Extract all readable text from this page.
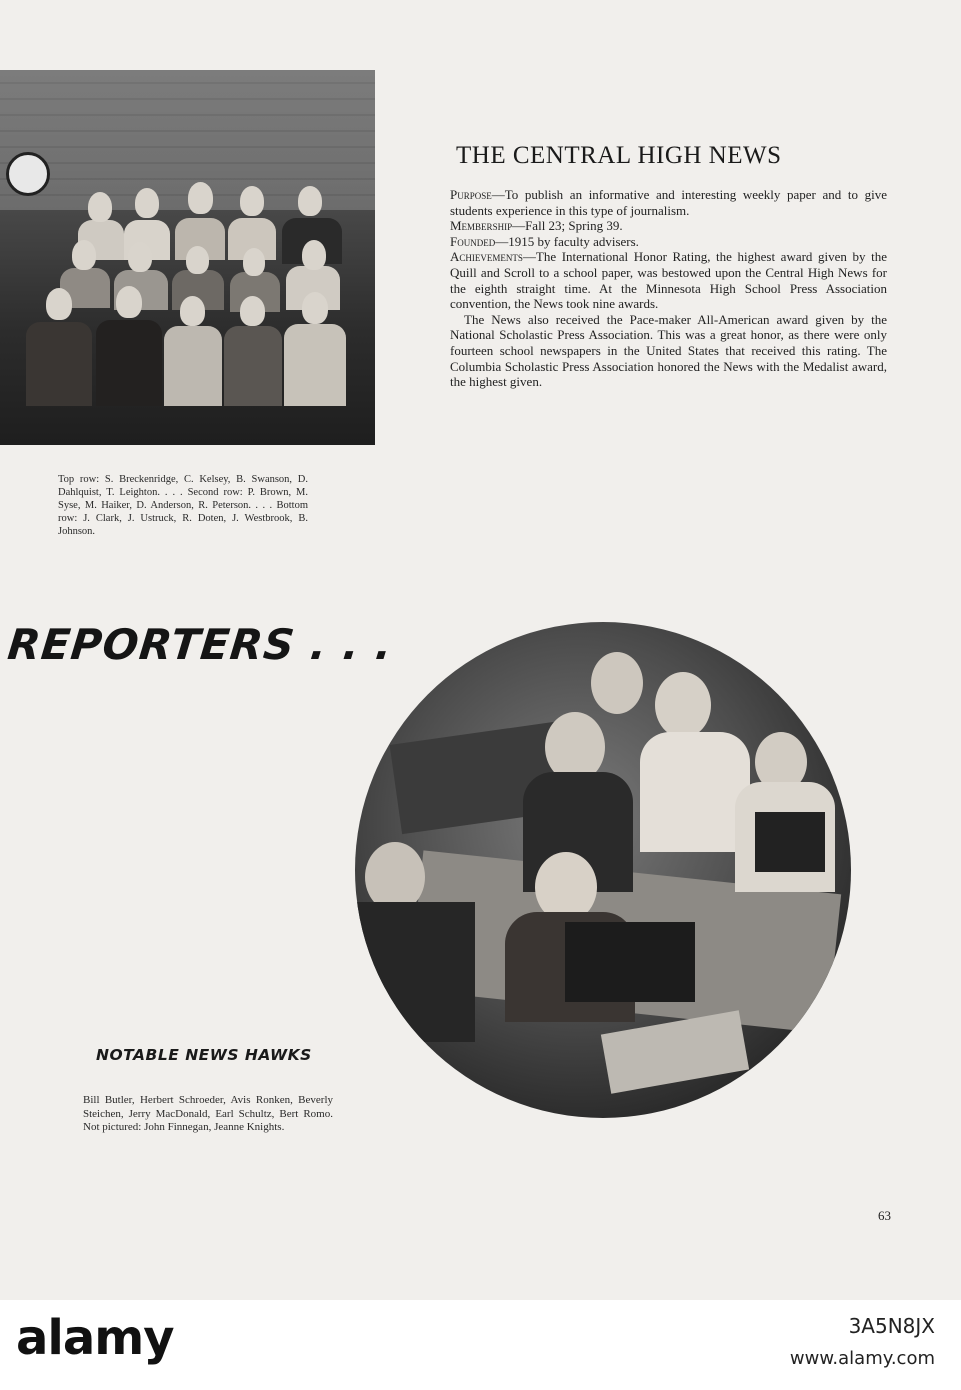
Top row: S. Breckenridge, C. Kelsey, B. Swanson, D. Dahlquist, T. Leighton. . . . Second row: P. Brown, M. Syse, M. Haiker, D. Anderson, R. Peterson. . . . Bottom row: J. Clark, J. Ustruck, R. Doten, J. Westbrook, B. Johnson.

THE CENTRAL HIGH NEWS

Purpose—To publish an informative and interesting weekly paper and to give students experience in this type of journalism.

Membership—Fall 23; Spring 39.

Founded—1915 by faculty advisers.

Achievements—The International Honor Rating, the highest award given by the Quill and Scroll to a school paper, was bestowed upon the Central High News for the eighth straight time. At the Minnesota High School Press Association convention, the News took nine awards.

The News also received the Pace-maker All-American award given by the National Scholastic Press Association. This was a great honor, as there were only fourteen school newspapers in the United States that received this rating. The Columbia Scholastic Press Association honored the News with the Medalist award, the highest given.

REPORTERS . . .
NOTABLE NEWS HAWKS

Bill Butler, Herbert Schroeder, Avis Ronken, Beverly Steichen, Jerry MacDonald, Earl Schultz, Bert Romo. Not pictured: John Finnegan, Jeanne Knights.

63
alamy	3A5N8JX
www.alamy.com
